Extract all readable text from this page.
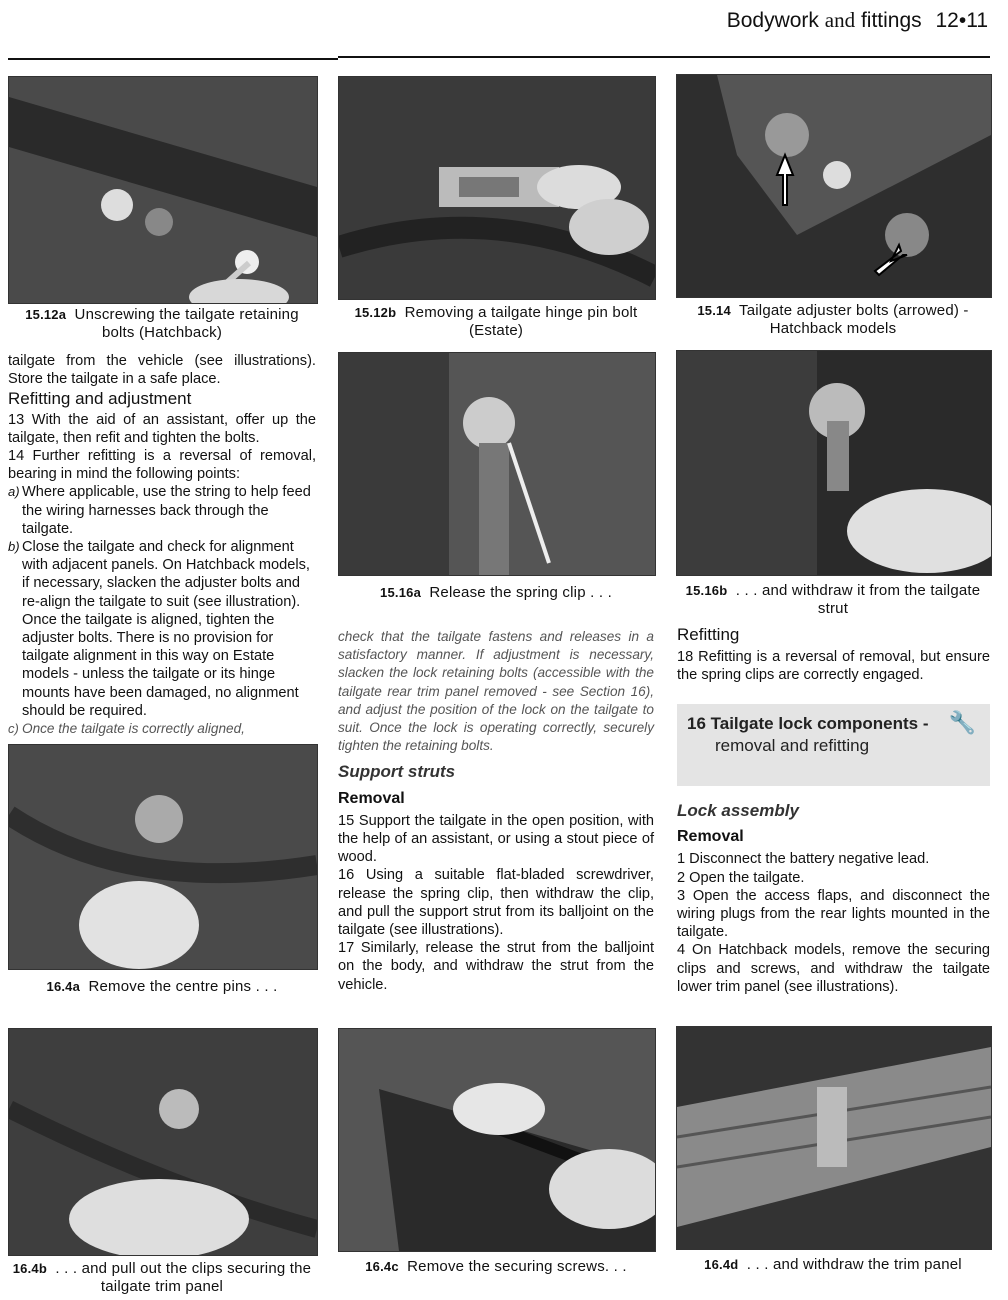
Bodywork and fittings 12•11
15.12a Unscrewing the tailgate retaining bolts (Hatchback)
15.12b Removing a tailgate hinge pin bolt (Estate)
15.14 Tailgate adjuster bolts (arrowed) - Hatchback models

tailgate from the vehicle (see illustrations). Store the tailgate in a safe place.

Refitting and adjustment

13 With the aid of an assistant, offer up the tailgate, then refit and tighten the bolts.

14 Further refitting is a reversal of removal, bearing in mind the following points:

a) Where applicable, use the string to help feed the wiring harnesses back through the tailgate.
b) Close the tailgate and check for alignment with adjacent panels. On Hatchback models, if necessary, slacken the adjuster bolts and re-align the tailgate to suit (see illustration). Once the tailgate is aligned, tighten the adjuster bolts. There is no provision for tailgate alignment in this way on Estate models - unless the tailgate or its hinge mounts have been damaged, no alignment should be required.
c) Once the tailgate is correctly aligned,
15.16a Release the spring clip . . .	15.16b . . . and withdraw it from the tailgate strut

check that the tailgate fastens and releases in a satisfactory manner. If adjustment is necessary, slacken the lock retaining bolts (accessible with the tailgate rear trim panel removed - see Section 16), and adjust the position of the lock on the tailgate to suit. Once the lock is operating correctly, securely tighten the retaining bolts.

Support struts

Removal

15 Support the tailgate in the open position, with the help of an assistant, or using a stout piece of wood.

16 Using a suitable flat-bladed screwdriver, release the spring clip, then withdraw the clip, and pull the support strut from its balljoint on the tailgate (see illustrations).

17 Similarly, release the strut from the balljoint on the body, and withdraw the strut from the vehicle.

Refitting

18 Refitting is a reversal of removal, but ensure the spring clips are correctly engaged.

16 Tailgate lock components -
removal and refitting
🔧

Lock assembly

Removal

1 Disconnect the battery negative lead.

2 Open the tailgate.

3 Open the access flaps, and disconnect the wiring plugs from the rear lights mounted in the tailgate.

4 On Hatchback models, remove the securing clips and screws, and withdraw the tailgate lower trim panel (see illustrations).

16.4a Remove the centre pins . . .
16.4b . . . and pull out the clips securing the tailgate trim panel
16.4c Remove the securing screws. . .	16.4d . . . and withdraw the trim panel
